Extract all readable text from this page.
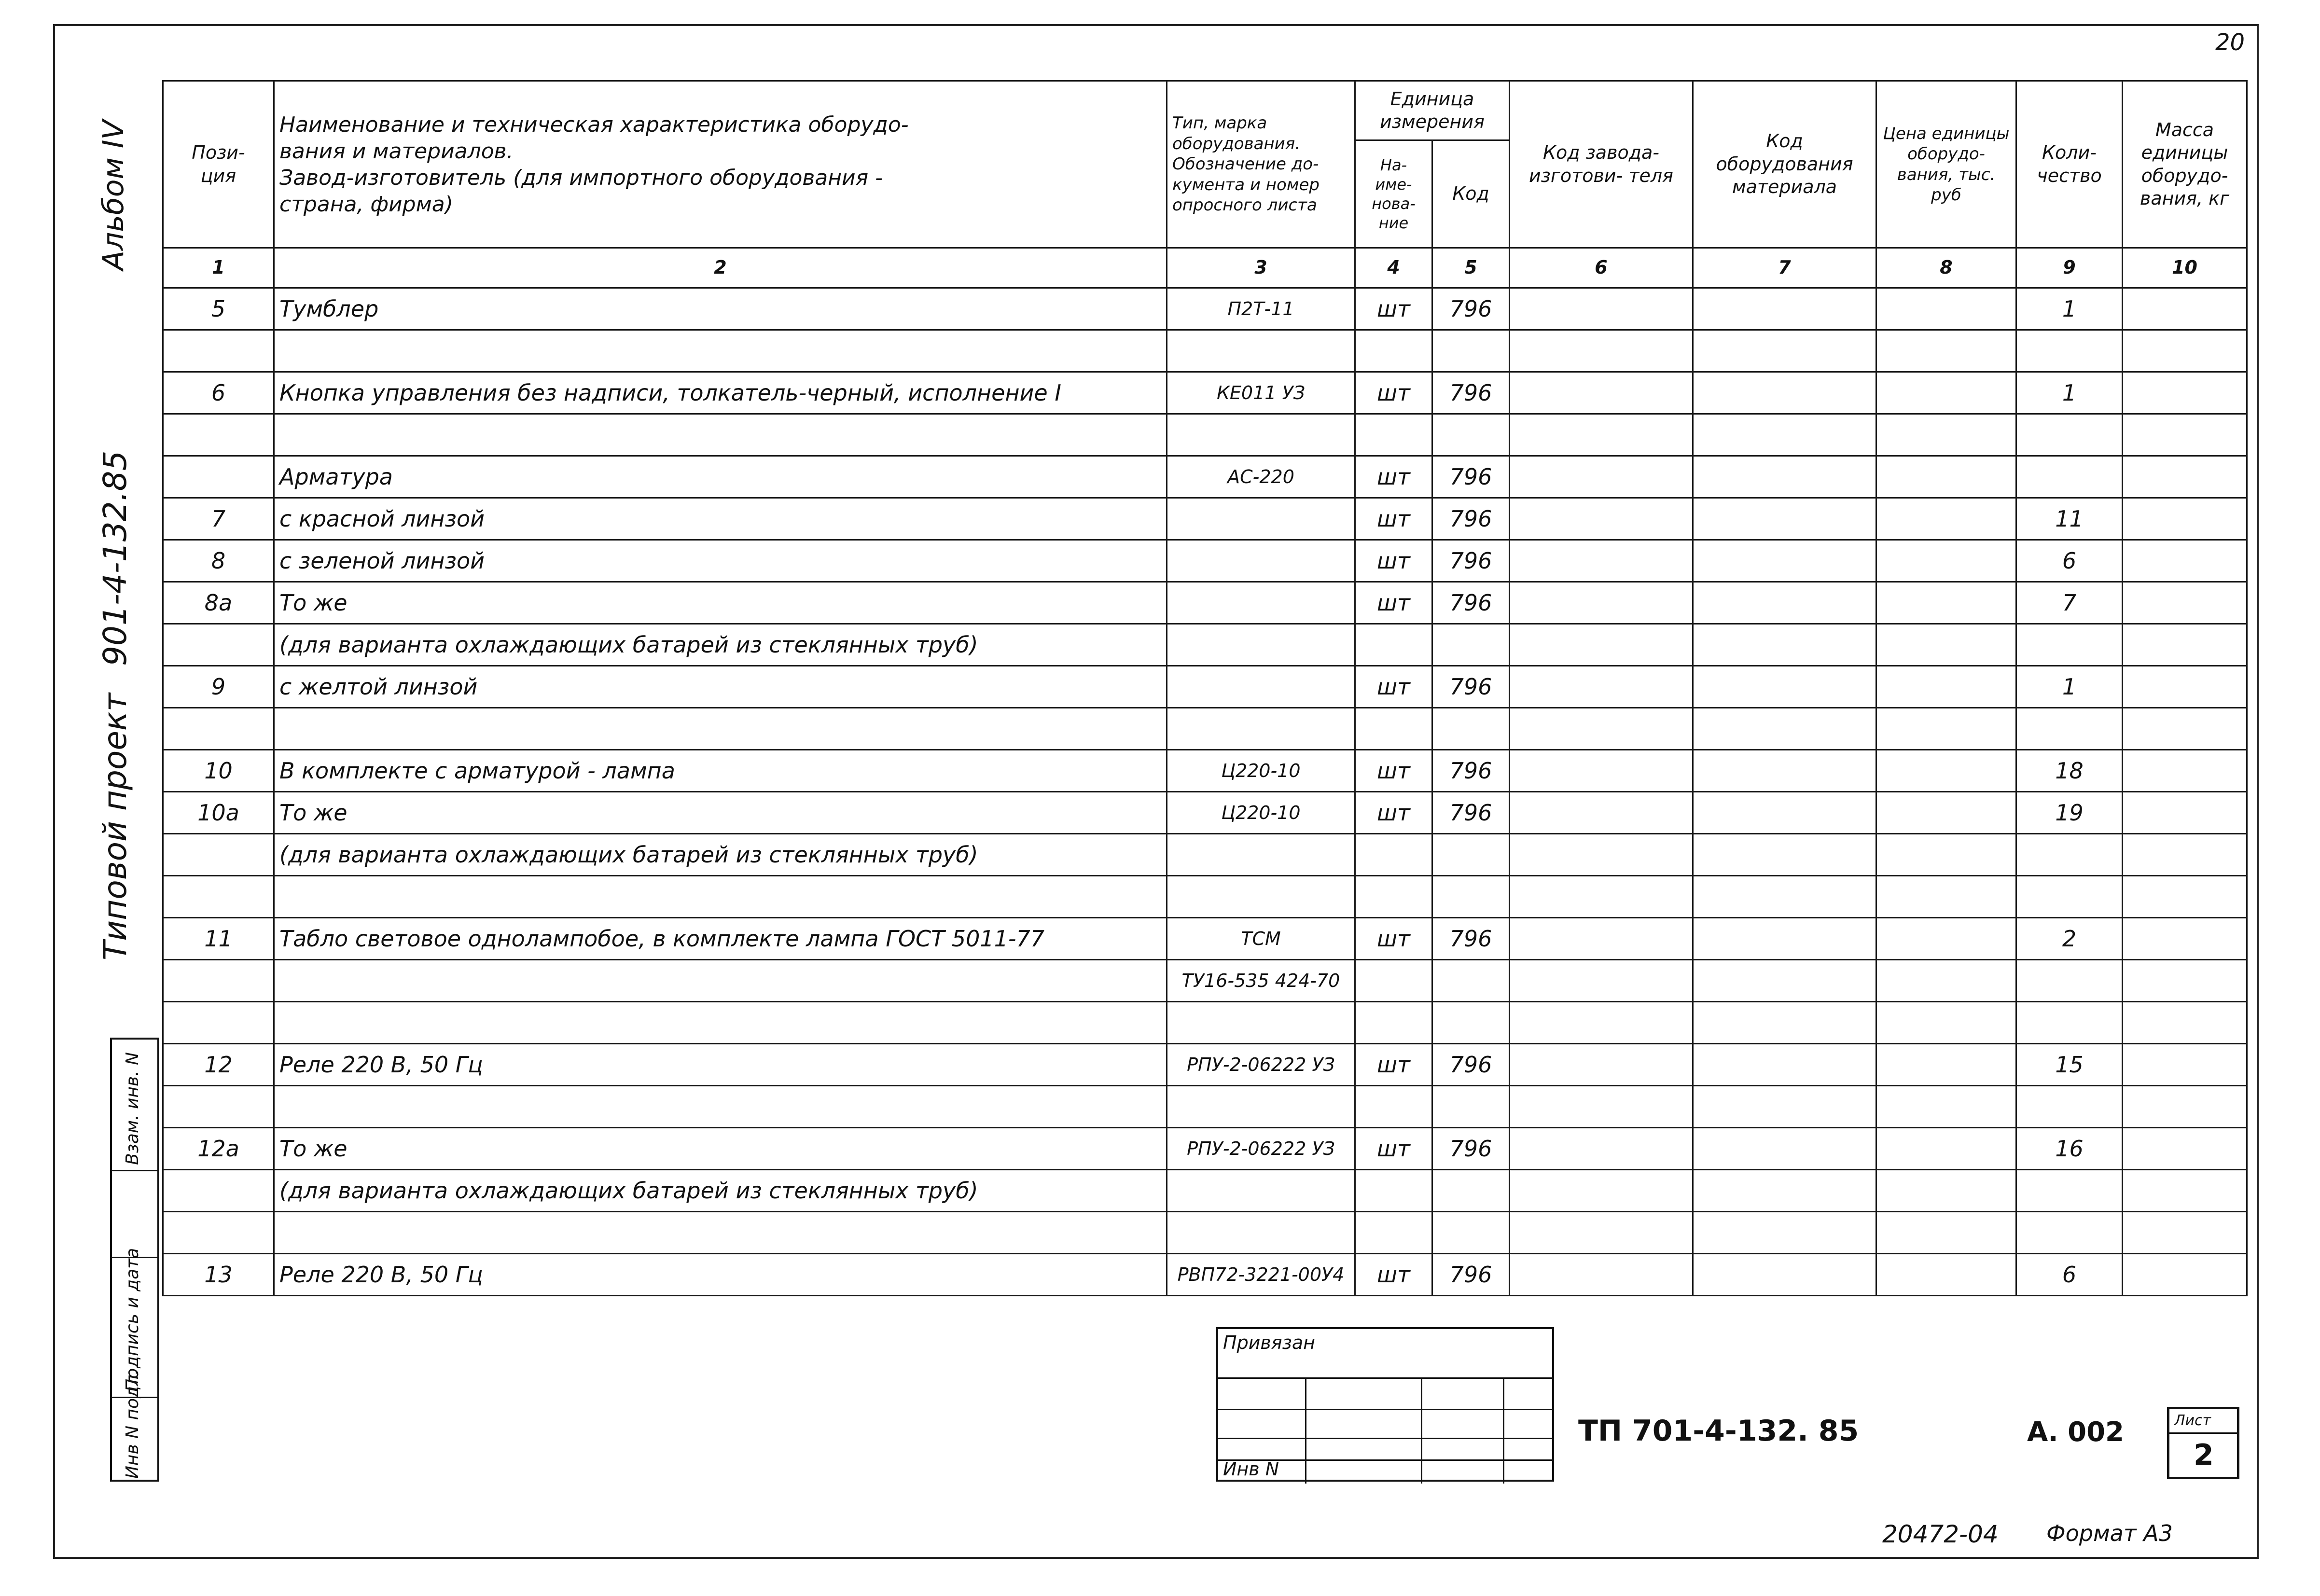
20
Альбом IV
901-4-132.85
Типовой проект
Взам. инв. N
Подпись и дата
Инв N подл.
Пози-
ция	Наименование и техническая характеристика оборудо-
вания и материалов.
Завод-изготовитель (для импортного оборудования -
страна, фирма)	Тип, марка оборудования. Обозначение до- кумента и номер опросного листа	Единица измерения		Код завода- изготови- теля	Код оборудования материала	Цена единицы оборудо- вания, тыс. руб	Коли- чество	Масса единицы оборудо- вания, кг
			На- име- нова- ние	Код					
1	2	3	4	5	6	7	8	9	10
5	Тумблер	П2Т-11	шт	796				1	

6	Кнопка управления без надписи, толкатель-черный, исполнение I	КЕ011 УЗ	шт	796				1	

	Арматура	АС-220	шт	796					
7	с красной линзой		шт	796				11	
8	с зеленой линзой		шт	796				6	
8а	То же		шт	796				7	
	(для варианта охлаждающих батарей из стеклянных труб)								
9	с желтой линзой		шт	796				1	

10	В комплекте с арматурой - лампа	Ц220-10	шт	796				18	
10а	То же	Ц220-10	шт	796				19	
	(для варианта охлаждающих батарей из стеклянных труб)								

11	Табло световое однолампобое, в комплекте лампа ГОСТ 5011-77	ТСМ	шт	796				2	
		ТУ16-535 424-70							

12	Реле 220 В, 50 Гц	РПУ-2-06222 УЗ	шт	796				15	

12а	То же	РПУ-2-06222 УЗ	шт	796				16	
	(для варианта охлаждающих батарей из стеклянных труб)								

13	Реле 220 В, 50 Гц	РВП72-3221-00У4	шт	796				6	
Привязан
Инв N
ТП 701-4-132. 85	А. 002	Лист
2
20472-04 Формат А3
